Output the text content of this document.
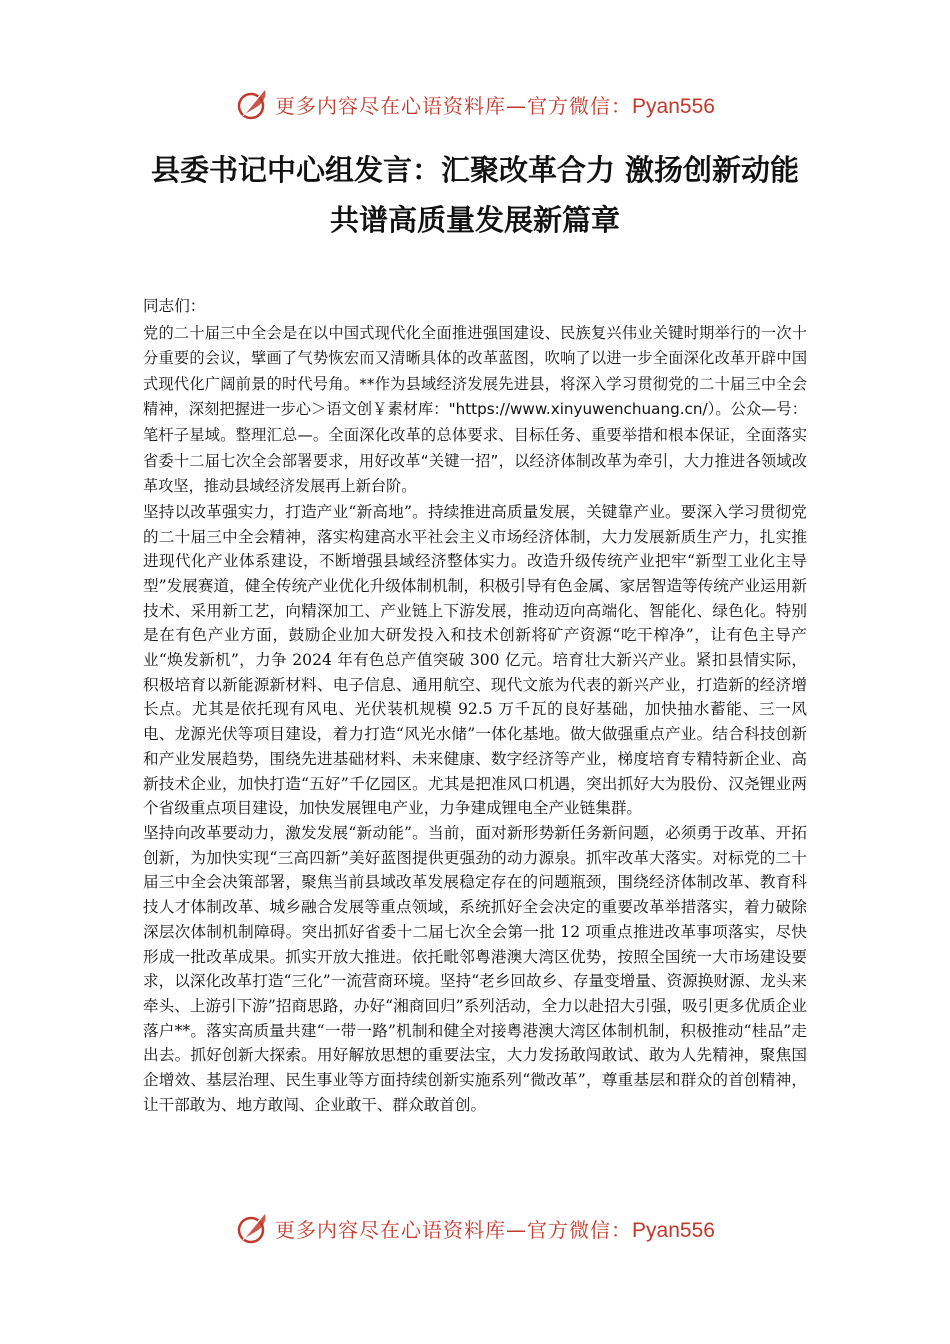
更多内容尽在心语资料库—官方微信：Pyan556
县委书记中心组发言：汇聚改革合力 激扬创新动能
共谱高质量发展新篇章

同志们：

党的二十届三中全会是在以中国式现代化全面推进强国建设、民族复兴伟业关键时期举行的一次十分重要的会议，擘画了气势恢宏而又清晰具体的改革蓝图，吹响了以进一步全面深化改革开辟中国式现代化广阔前景的时代号角。**作为县域经济发展先进县，将深入学习贯彻党的二十届三中全会精神，深刻把握进一步心＞语文创￥素材库："https://www.xinyuwenchuang.cn/）。公众—号：笔杆子星域。整理汇总—。全面深化改革的总体要求、目标任务、重要举措和根本保证，全面落实省委十二届七次全会部署要求，用好改革“关键一招”，以经济体制改革为牵引，大力推进各领域改革攻坚，推动县域经济发展再上新台阶。

坚持以改革强实力，打造产业“新高地”。持续推进高质量发展，关键靠产业。要深入学习贯彻党的二十届三中全会精神，落实构建高水平社会主义市场经济体制，大力发展新质生产力，扎实推进现代化产业体系建设，不断增强县域经济整体实力。改造升级传统产业把牢“新型工业化主导型”发展赛道，健全传统产业优化升级体制机制，积极引导有色金属、家居智造等传统产业运用新技术、采用新工艺，向精深加工、产业链上下游发展，推动迈向高端化、智能化、绿色化。特别是在有色产业方面，鼓励企业加大研发投入和技术创新将矿产资源“吃干榨净”，让有色主导产业“焕发新机”，力争 2024 年有色总产值突破 300 亿元。培育壮大新兴产业。紧扣县情实际，积极培育以新能源新材料、电子信息、通用航空、现代文旅为代表的新兴产业，打造新的经济增长点。尤其是依托现有风电、光伏装机规模 92.5 万千瓦的良好基础，加快抽水蓄能、三一风电、龙源光伏等项目建设，着力打造“风光水储”一体化基地。做大做强重点产业。结合科技创新和产业发展趋势，围绕先进基础材料、未来健康、数字经济等产业，梯度培育专精特新企业、高新技术企业，加快打造“五好”千亿园区。尤其是把准风口机遇，突出抓好大为股份、汉尧锂业两个省级重点项目建设，加快发展锂电产业，力争建成锂电全产业链集群。

坚持向改革要动力，激发发展“新动能”。当前，面对新形势新任务新问题，必须勇于改革、开拓创新，为加快实现“三高四新”美好蓝图提供更强劲的动力源泉。抓牢改革大落实。对标党的二十届三中全会决策部署，聚焦当前县域改革发展稳定存在的问题瓶颈，围绕经济体制改革、教育科技人才体制改革、城乡融合发展等重点领域，系统抓好全会决定的重要改革举措落实，着力破除深层次体制机制障碍。突出抓好省委十二届七次全会第一批 12 项重点推进改革事项落实，尽快形成一批改革成果。抓实开放大推进。依托毗邻粤港澳大湾区优势，按照全国统一大市场建设要求，以深化改革打造“三化”一流营商环境。坚持“老乡回故乡、存量变增量、资源换财源、龙头来牵头、上游引下游”招商思路，办好“湘商回归”系列活动，全力以赴招大引强，吸引更多优质企业落户**。落实高质量共建“一带一路”机制和健全对接粤港澳大湾区体制机制，积极推动“桂品”走出去。抓好创新大探索。用好解放思想的重要法宝，大力发扬敢闯敢试、敢为人先精神，聚焦国企增效、基层治理、民生事业等方面持续创新实施系列“微改革”，尊重基层和群众的首创精神，让干部敢为、地方敢闯、企业敢干、群众敢首创。

更多内容尽在心语资料库—官方微信：Pyan556
